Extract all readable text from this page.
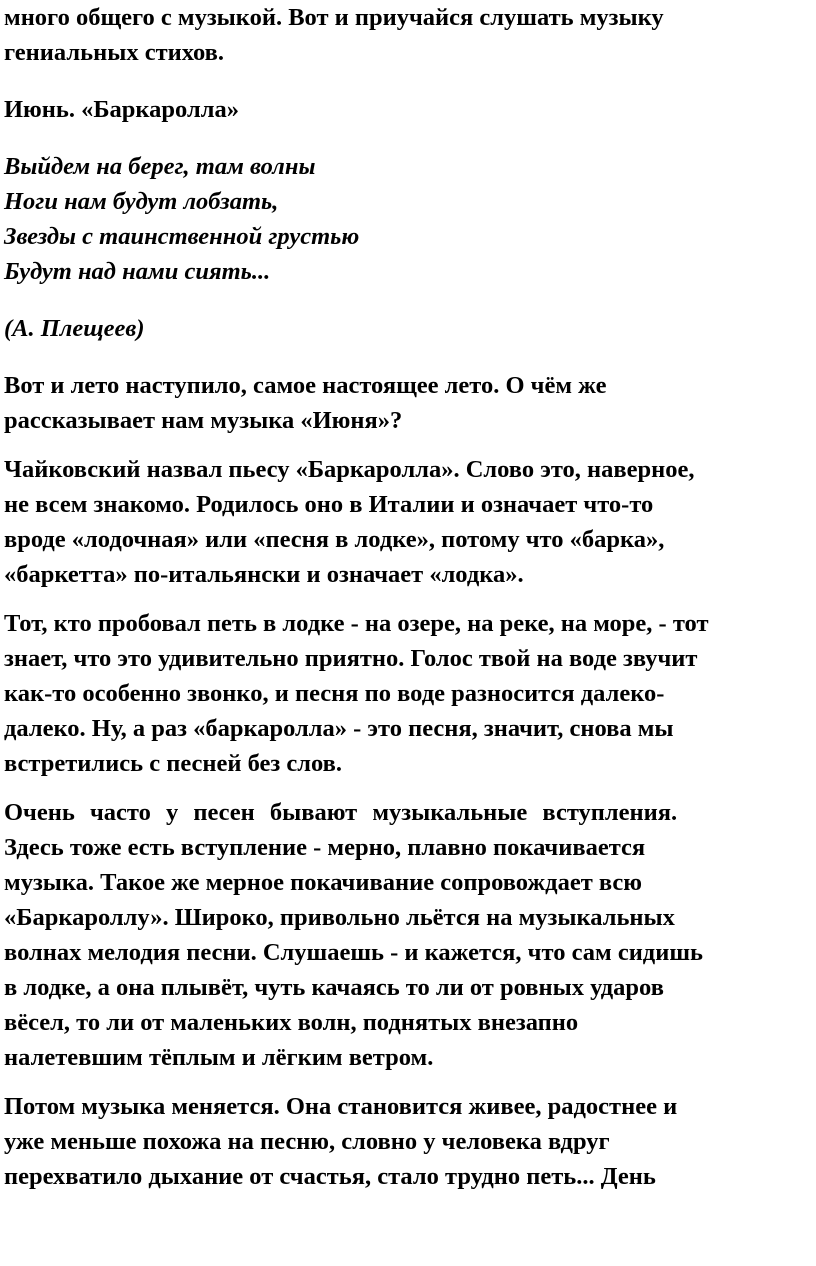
много общего с музыкой. Вот и приучайся слушать музыку
гениальных стихов.
Июнь. «Баркаролла»
Выйдем на берег, там волны
Ноги нам будут лобзать,
Звезды с таинственной грустью
Будут над нами сиять...
(А. Плещеев)
Вот и лето наступило, самое настоящее лето. О чём же
рассказывает нам музыка «Июня»?
Чайковский назвал пьесу «Баркаролла». Слово это, наверное,
не всем знакомо. Родилось оно в Италии и означает что-то
вроде «лодочная» или «песня в лодке», потому что «барка»,
«баркетта» по-итальянски и означает «лодка».
Тот, кто пробовал петь в лодке - на озере, на реке, на море, - тот
знает, что это удивительно приятно. Голос твой на воде звучит
как-то особенно звонко, и песня по воде разносится далеко-
далеко. Ну, а раз «баркаролла» - это песня, значит, снова мы
встретились с песней без слов.
Очень часто у песен бывают музыкальные вступления.
Здесь тоже есть вступление - мерно, плавно покачивается
музыка. Такое же мерное покачивание сопровождает всю
«Баркароллу». Широко, привольно льётся на музыкальных
волнах мелодия песни. Слушаешь - и кажется, что сам сидишь
в лодке, а она плывёт, чуть качаясь то ли от ровных ударов
вёсел, то ли от маленьких волн, поднятых внезапно
налетевшим тёплым и лёгким ветром.
Потом музыка меняется. Она становится живее, радостнее и
уже меньше похожа на песню, словно у человека вдруг
перехватило дыхание от счастья, стало трудно петь... День
